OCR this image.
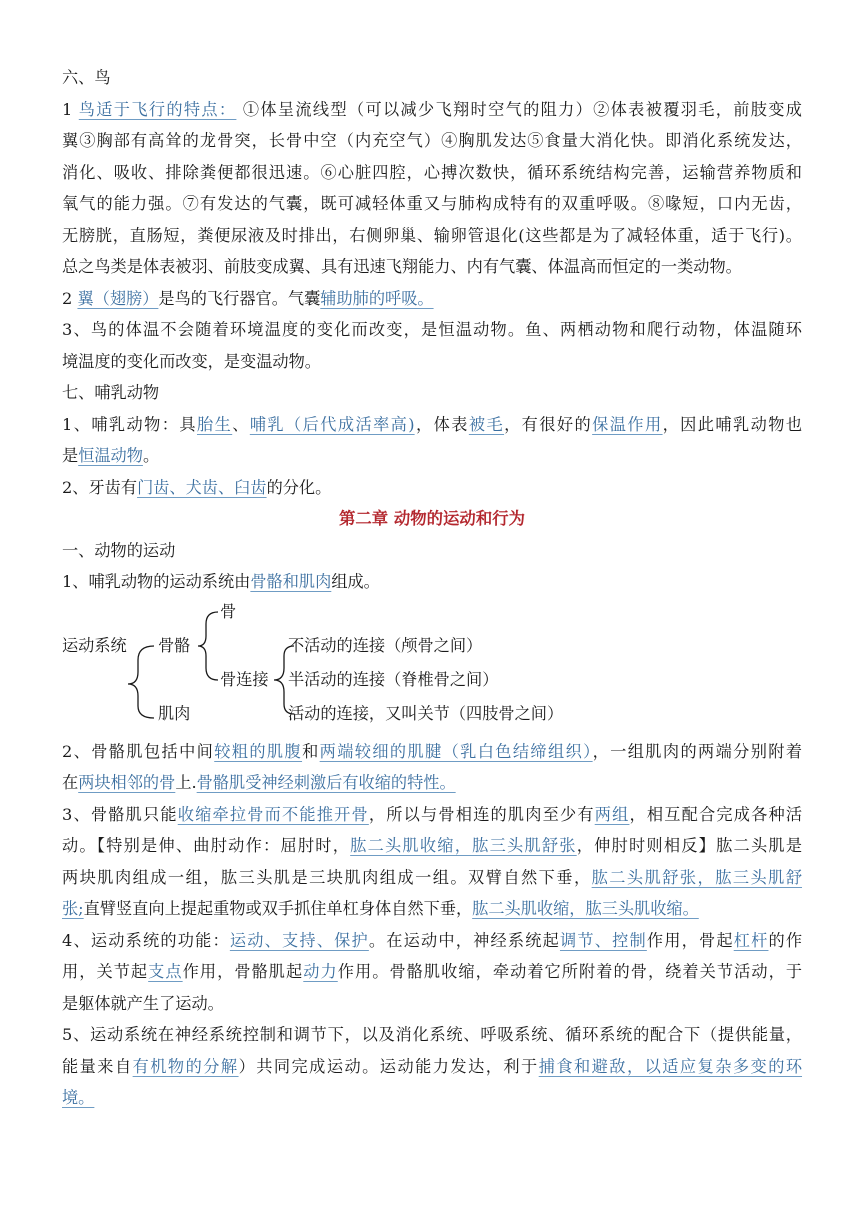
六、鸟
1 鸟适于飞行的特点： ①体呈流线型（可以减少飞翔时空气的阻力）②体表被覆羽毛，前肢变成
翼③胸部有高耸的龙骨突，长骨中空（内充空气）④胸肌发达⑤食量大消化快。即消化系统发达，
消化、吸收、排除粪便都很迅速。⑥心脏四腔，心搏次数快，循环系统结构完善，运输营养物质和
氧气的能力强。⑦有发达的气囊，既可减轻体重又与肺构成特有的双重呼吸。⑧喙短，口内无齿，
无膀胱，直肠短，粪便尿液及时排出，右侧卵巢、输卵管退化(这些都是为了减轻体重，适于飞行)。
总之鸟类是体表被羽、前肢变成翼、具有迅速飞翔能力、内有气囊、体温高而恒定的一类动物。
2 翼（翅膀）是鸟的飞行器官。气囊辅助肺的呼吸。
3、鸟的体温不会随着环境温度的变化而改变，是恒温动物。鱼、两栖动物和爬行动物，体温随环
境温度的变化而改变，是变温动物。
七、哺乳动物
1、哺乳动物：具胎生、哺乳（后代成活率高)，体表被毛，有很好的保温作用，因此哺乳动物也
是恒温动物。
2、牙齿有门齿、犬齿、臼齿的分化。
第二章 动物的运动和行为
一、动物的运动
1、哺乳动物的运动系统由骨骼和肌肉组成。
运动系统 骨骼
骨
骨连接
肌肉
不活动的连接（颅骨之间）
半活动的连接（脊椎骨之间）
活动的连接，又叫关节（四肢骨之间）
2、骨骼肌包括中间较粗的肌腹和两端较细的肌腱（乳白色结缔组织），一组肌肉的两端分别附着
在两块相邻的骨上.骨骼肌受神经刺激后有收缩的特性。
3、骨骼肌只能收缩牵拉骨而不能推开骨，所以与骨相连的肌肉至少有两组，相互配合完成各种活
动。【特别是伸、曲肘动作：屈肘时，肱二头肌收缩，肱三头肌舒张，伸肘时则相反】肱二头肌是
两块肌肉组成一组，肱三头肌是三块肌肉组成一组。双臂自然下垂，肱二头肌舒张，肱三头肌舒
张;直臂竖直向上提起重物或双手抓住单杠身体自然下垂，肱二头肌收缩，肱三头肌收缩。
4、运动系统的功能：运动、支持、保护。在运动中，神经系统起调节、控制作用，骨起杠杆的作
用，关节起支点作用，骨骼肌起动力作用。骨骼肌收缩，牵动着它所附着的骨，绕着关节活动，于
是躯体就产生了运动。
5、运动系统在神经系统控制和调节下，以及消化系统、呼吸系统、循环系统的配合下（提供能量，
能量来自有机物的分解）共同完成运动。运动能力发达，利于捕食和避敌，以适应复杂多变的环
境。
